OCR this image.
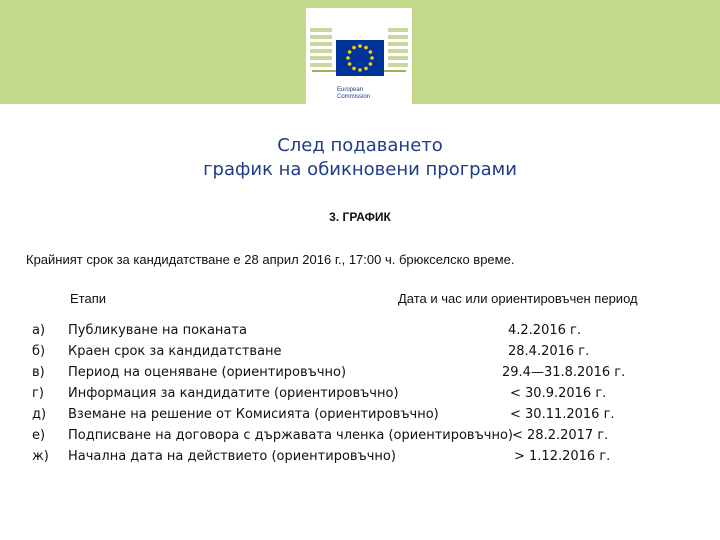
European
Commission
След подаването
график на обикновени програми
3. ГРАФИК
Крайният срок за кандидатстване е 28 април 2016 г., 17:00 ч. брюкселско време.
Етапи	Дата и час или ориентировъчен период
а) Публикуване на поканата	4.2.2016 г.
б) Краен срок за кандидатстване	28.4.2016 г.
в) Период на оценяване (ориентировъчно)	29.4—31.8.2016 г.
г) Информация за кандидатите (ориентировъчно)	< 30.9.2016 г.
д) Вземане на решение от Комисията (ориентировъчно)	< 30.11.2016 г.
е) Подписване на договора с държавата членка (ориентировъчно) < 28.2.2017 г.
ж) Начална дата на действието (ориентировъчно)	> 1.12.2016 г.
